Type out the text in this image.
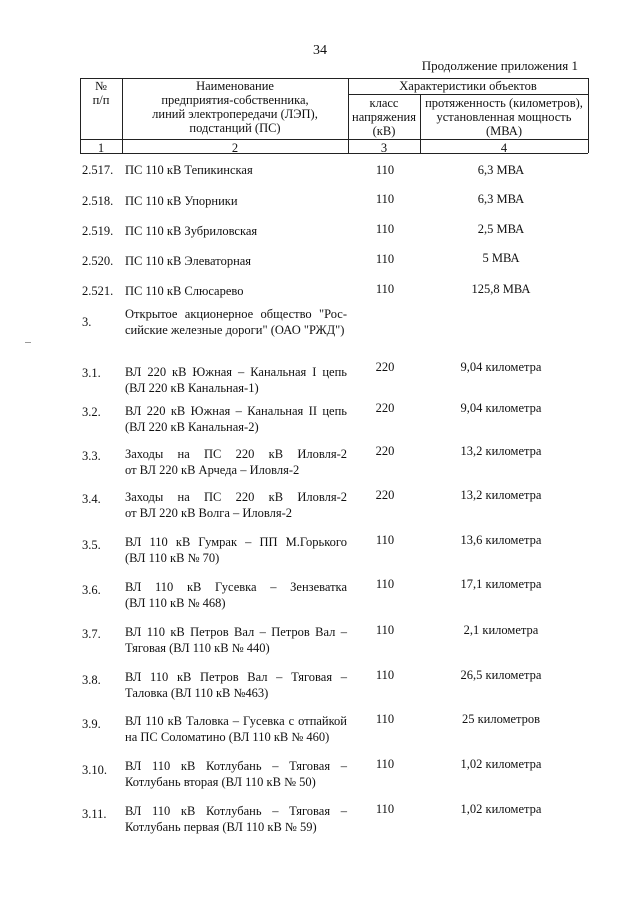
34
Продолжение приложения 1
№
п/п
Наименование
предприятия-собственника,
линий электропередачи (ЛЭП),
подстанций (ПС)
Характеристики объектов
класс
напряжения
(кВ)
протяженность (километров),
установленная мощность
(МВА)
1	2	3	4
2.517. ПС 110 кВ Тепикинская	110	6,3 МВА
2.518. ПС 110 кВ Упорники	110	6,3 МВА
2.519. ПС 110 кВ Зубриловская	110	2,5 МВА
2.520. ПС 110 кВ Элеваторная	110	5 МВА
2.521. ПС 110 кВ Слюсарево	110	125,8 МВА
3.
Открытое акционерное общество "Рос-
сийские железные дороги" (ОАО "РЖД")
3.1.	ВЛ 220 кВ Южная – Канальная I цепь
(ВЛ 220 кВ Канальная-1)
220	9,04 километра
3.2.	ВЛ 220 кВ Южная – Канальная II цепь
(ВЛ 220 кВ Канальная-2)
220	9,04 километра
3.3.	Заходы на ПС 220 кВ Иловля-2
от ВЛ 220 кВ Арчеда – Иловля-2
220	13,2 километра
3.4.	Заходы на ПС 220 кВ Иловля-2
от ВЛ 220 кВ Волга – Иловля-2
220	13,2 километра
3.5.	ВЛ 110 кВ Гумрак – ПП М.Горького
(ВЛ 110 кВ № 70)
110	13,6 километра
3.6.	ВЛ 110 кВ Гусевка – Зензеватка
(ВЛ 110 кВ № 468)
110	17,1 километра
3.7.	ВЛ 110 кВ Петров Вал – Петров Вал –
Тяговая (ВЛ 110 кВ № 440)
110	2,1 километра
3.8.	ВЛ 110 кВ Петров Вал – Тяговая –
Таловка (ВЛ 110 кВ №463)
110	26,5 километра
3.9.	ВЛ 110 кВ Таловка – Гусевка с отпайкой
на ПС Соломатино (ВЛ 110 кВ № 460)
110	25 километров
3.10.	ВЛ 110 кВ Котлубань – Тяговая –
Котлубань вторая (ВЛ 110 кВ № 50)
110	1,02 километра
3.11.	ВЛ 110 кВ Котлубань – Тяговая –
Котлубань первая (ВЛ 110 кВ № 59)
110	1,02 километра
